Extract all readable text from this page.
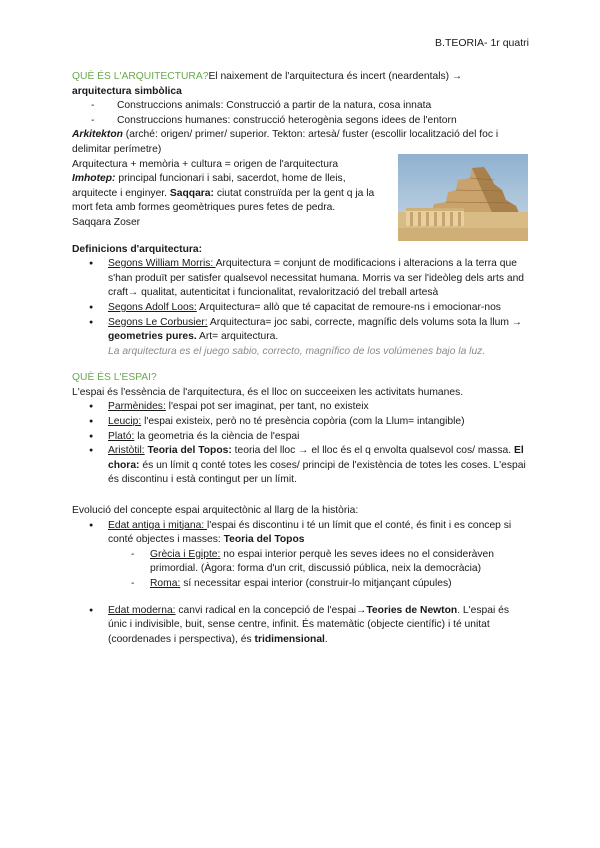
B.TEORIA- 1r quatri

QUÈ ÉS L'ARQUITECTURA?El naixement de l'arquitectura és incert (neardentals) →
arquitectura simbòlica

- Construccions animals: Construcció a partir de la natura, cosa innata

- Construccions humanes: construcció heterogènia segons idees de l'entorn

Arkitekton (arché: origen/ primer/ superior. Tekton: artesà/ fuster (escollir localització del foc i delimitar perímetre)

Arquitectura + memòria + cultura = origen de l'arquitectura

Imhotep: principal funcionari i sabi, sacerdot, home de lleis, arquitecte i enginyer. Saqqara: ciutat construïda per la gent q ja la mort feta amb formes geomètriques pures fetes de pedra.

Saqqara Zoser

Definicions d'arquitectura:

● Segons William Morris: Arquitectura = conjunt de modificacions i alteracions a la terra que s'han produït per satisfer qualsevol necessitat humana. Morris va ser l'ideòleg dels arts and craft→ qualitat, autenticitat i funcionalitat, revalorització del treball artesà

● Segons Adolf Loos: Arquitectura= allò que té capacitat de remoure-ns i emocionar-nos

● Segons Le Corbusier: Arquitectura= joc sabi, correcte, magnífic dels volums sota la llum → geometries pures. Art= arquitectura.

La arquitectura es el juego sabio, correcto, magnífico de los volúmenes bajo la luz.

QUÈ ÉS L'ESPAI?

L'espai és l'essència de l'arquitectura, és el lloc on succeeixen les activitats humanes.

● Parmènides: l'espai pot ser imaginat, per tant, no existeix

● Leucip: l'espai existeix, però no té presència copòria (com la Llum= intangible)

● Plató: la geometria és la ciència de l'espai

● Aristòtil: Teoria del Topos: teoria del lloc → el lloc és el q envolta qualsevol cos/ massa. El chora: és un límit q conté totes les coses/ principi de l'existència de totes les coses. L'espai és discontinu i està contingut per un límit.

Evolució del concepte espai arquitectònic al llarg de la història:

● Edat antiga i mitjana: l'espai és discontinu i té un límit que el conté, és finit i es concep si conté objectes i masses: Teoria del Topos

- Grècia i Egipte: no espai interior perquè les seves idees no el consideràven primordial. (Àgora: forma d'un crit, discussió pública, neix la democràcia)

- Roma: sí necessitar espai interior (construir-lo mitjançant cúpules)

● Edat moderna: canvi radical en la concepció de l'espai→Teories de Newton. L'espai és únic i indivisible, buit, sense centre, infinit. És matemàtic (objecte científic) i té unitat (coordenades i perspectiva), és tridimensional.
